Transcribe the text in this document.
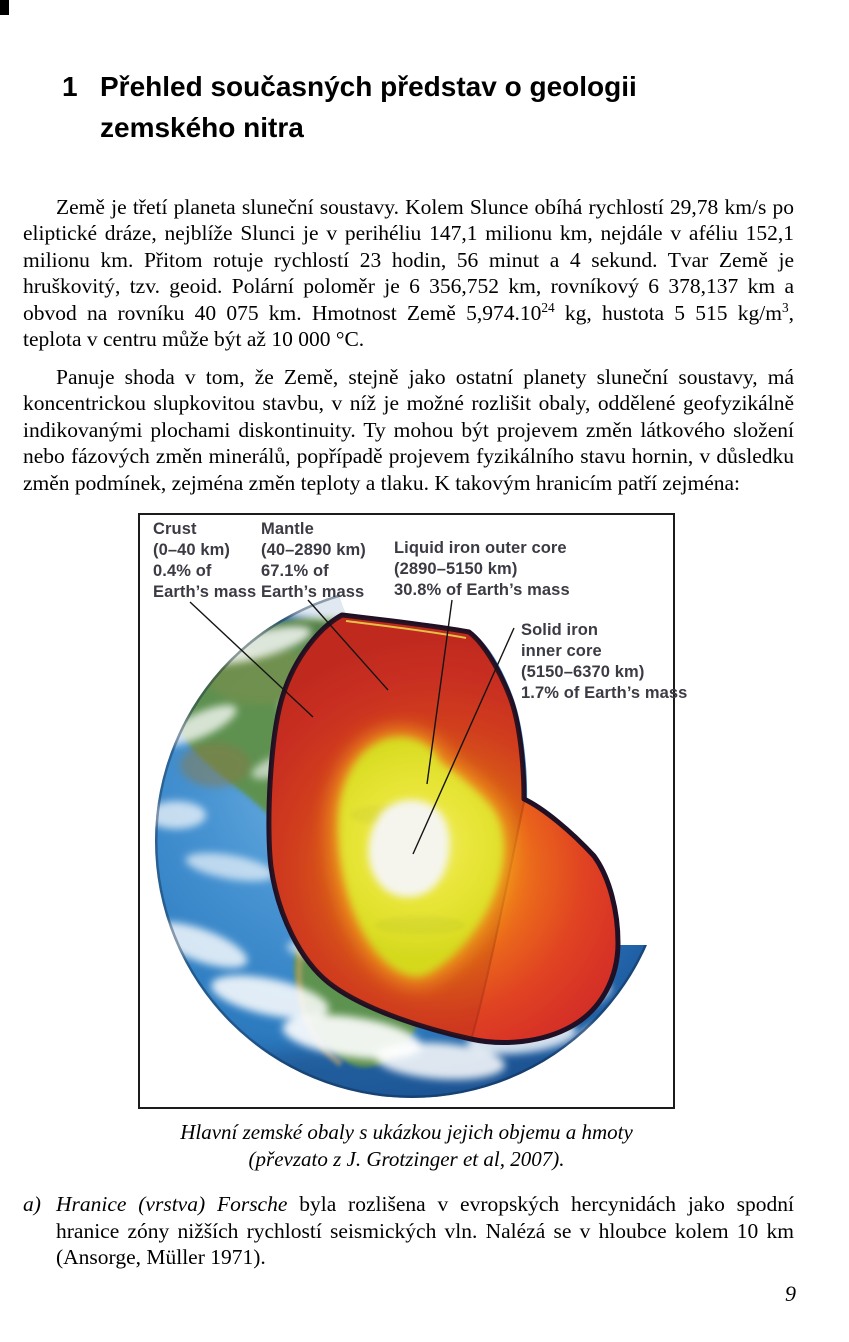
1 Přehled současných představ o geologii zemského nitra

Země je třetí planeta sluneční soustavy. Kolem Slunce obíhá rychlostí 29,78 km/s po eliptické dráze, nejblíže Slunci je v perihéliu 147,1 milionu km, nejdále v aféliu 152,1 milionu km. Přitom rotuje rychlostí 23 hodin, 56 minut a 4 sekund. Tvar Země je hruškovitý, tzv. geoid. Polární poloměr je 6 356,752 km, rovníkový 6 378,137 km a obvod na rovníku 40 075 km. Hmotnost Země 5,974.10$^{24}$ kg, hustota 5 515 $kg/m^3$, teplota v centru může být až 10 000 °C.

Panuje shoda v tom, že Země, stejně jako ostatní planety sluneční soustavy, má koncentrickou slupkovitou stavbu, v níž je možné rozlišit obaly, oddělené geofyzikálně indikovanými plochami diskontinuity. Ty mohou být projevem změn látkového složení nebo fázových změn minerálů, popřípadě projevem fyzikálního stavu hornin, v důsledku změn podmínek, zejména změn teploty a tlaku. K takovým hranicím patří zejména:

Crust
(0–40 km)
0.4% of
Earth’s mass
Mantle
(40–2890 km)
67.1% of
Earth’s mass
Liquid iron outer core
(2890–5150 km)
30.8% of Earth’s mass
Solid iron
inner core
(5150–6370 km)
1.7% of Earth’s mass
Hlavní zemské obaly s ukázkou jejich objemu a hmoty
(převzato z J. Grotzinger et al, 2007).
a) Hranice (vrstva) Forsche byla rozlišena v evropských hercynidách jako spodní hranice zóny nižších rychlostí seismických vln. Nalézá se v hloubce kolem 10 km (Ansorge, Müller 1971).
9
